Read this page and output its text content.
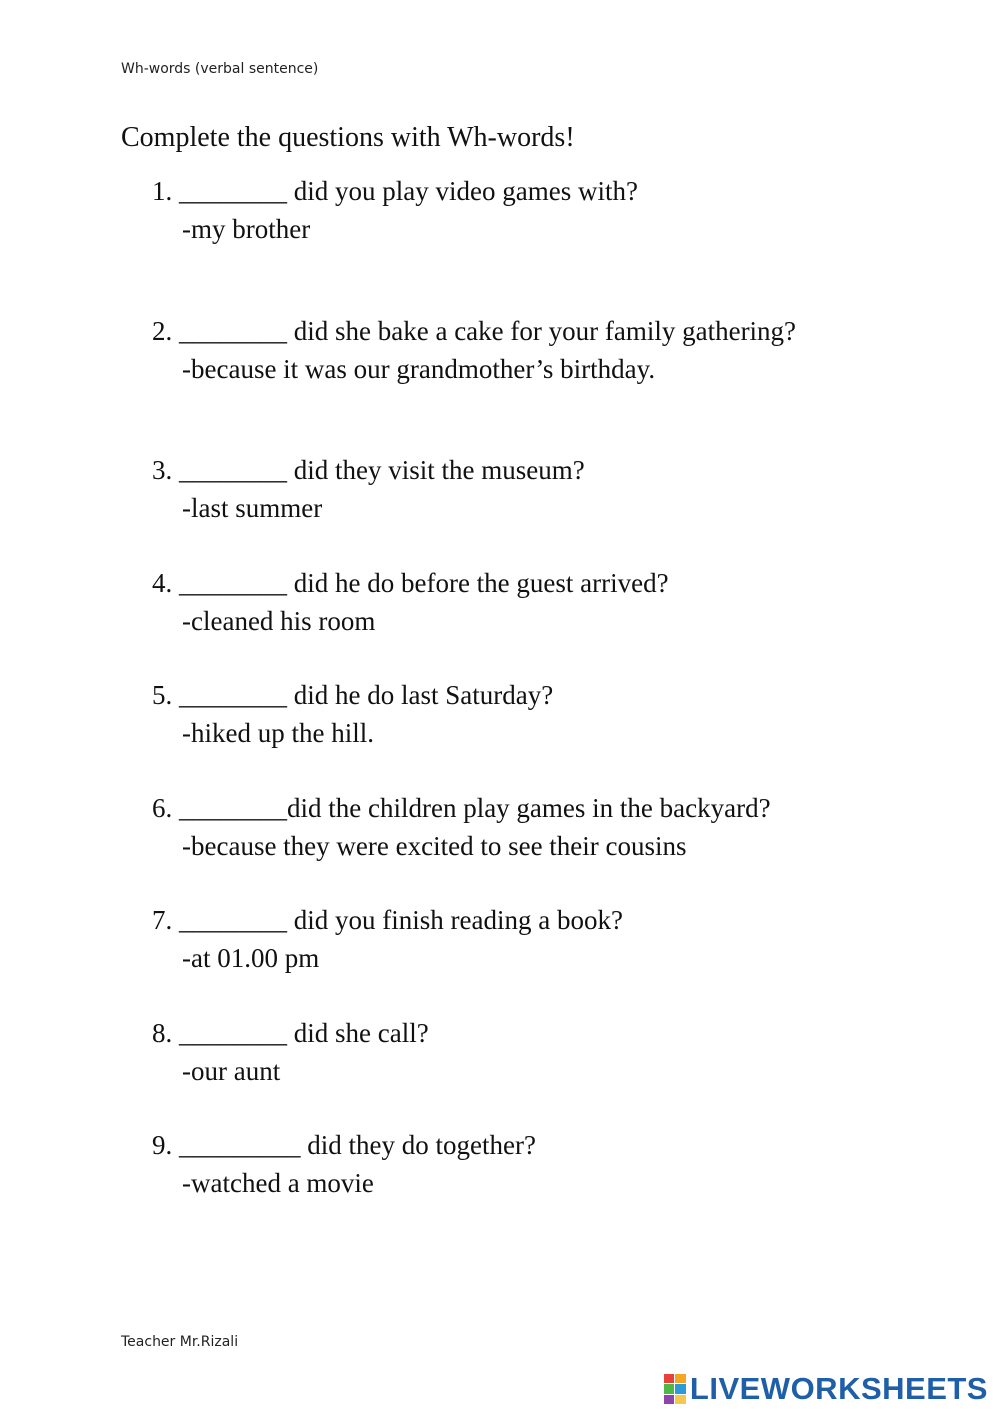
Wh-words (verbal sentence)
Complete the questions with Wh-words!
1. ________ did you play video games with?
-my brother
2. ________ did she bake a cake for your family gathering?
-because it was our grandmother’s birthday.
3. ________ did they visit the museum?
-last summer
4. ________ did he do before the guest arrived?
-cleaned his room
5. ________ did he do last Saturday?
-hiked up the hill.
6. ________did the children play games in the backyard?
-because they were excited to see their cousins
7. ________ did you finish reading a book?
-at 01.00 pm
8. ________ did she call?
-our aunt
9. _________ did they do together?
-watched a movie
Teacher Mr.Rizali
LIVEWORKSHEETS
